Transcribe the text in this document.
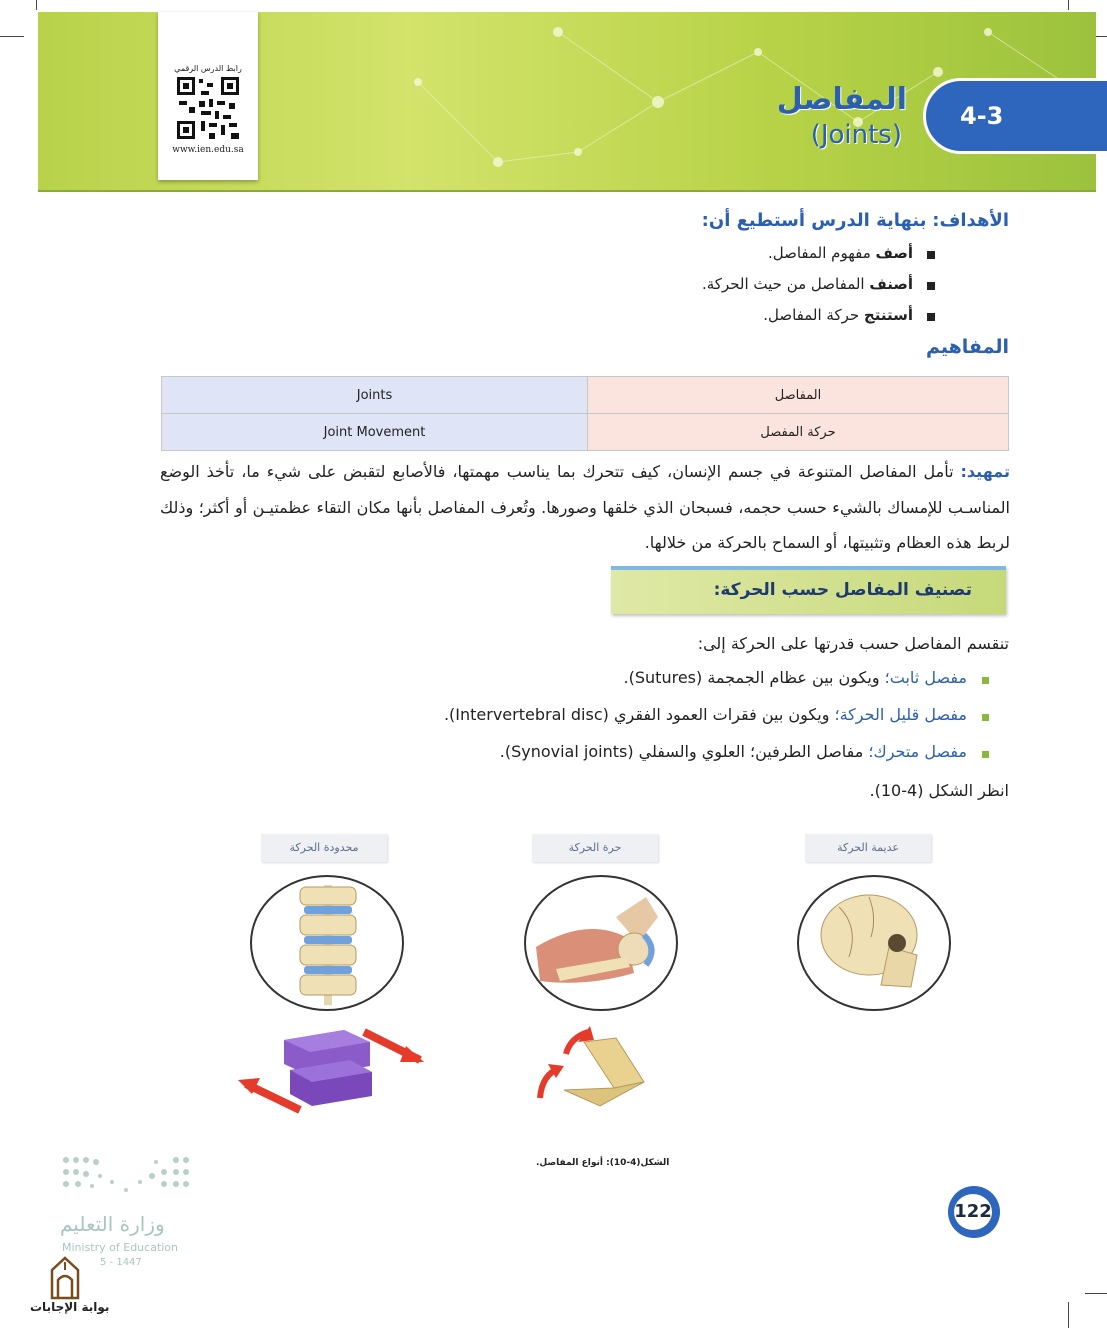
رابط الدرس الرقمي
www.ien.edu.sa
المفاصل
(Joints)
4-3
الأهداف: بنهاية الدرس أستطيع أن:
أصف مفهوم المفاصل.
أصنف المفاصل من حيث الحركة.
أستنتج حركة المفاصل.
المفاهيم
Joints	المفاصل
Joint Movement	حركة المفصل
تمهيد: تأمل المفاصل المتنوعة في جسم الإنسان، كيف تتحرك بما يناسب مهمتها، فالأصابع لتقبض على شيء ما، تأخذ الوضع المناسـب للإمساك بالشيء حسب حجمه، فسبحان الذي خلقها وصورها. وتُعرف المفاصل بأنها مكان التقاء عظمتيـن أو أكثر؛ وذلك لربط هذه العظام وتثبيتها، أو السماح بالحركة من خلالها.
تصنيف المفاصل حسب الحركة:
تنقسم المفاصل حسب قدرتها على الحركة إلى:
مفصل ثابت؛ ويكون بين عظام الجمجمة (Sutures).
مفصل قليل الحركة؛ ويكون بين فقرات العمود الفقري (Intervertebral disc).
مفصل متحرك؛ مفاصل الطرفين؛ العلوي والسفلي (Synovial joints).
انظر الشكل (4-10).
محدودة الحركة	حرة الحركة	عديمة الحركة
الشكل(4-10): أنواع المفاصل.
122
وزارة التعليم
Ministry of Education
5 - 1447
بوابة الإجابات
